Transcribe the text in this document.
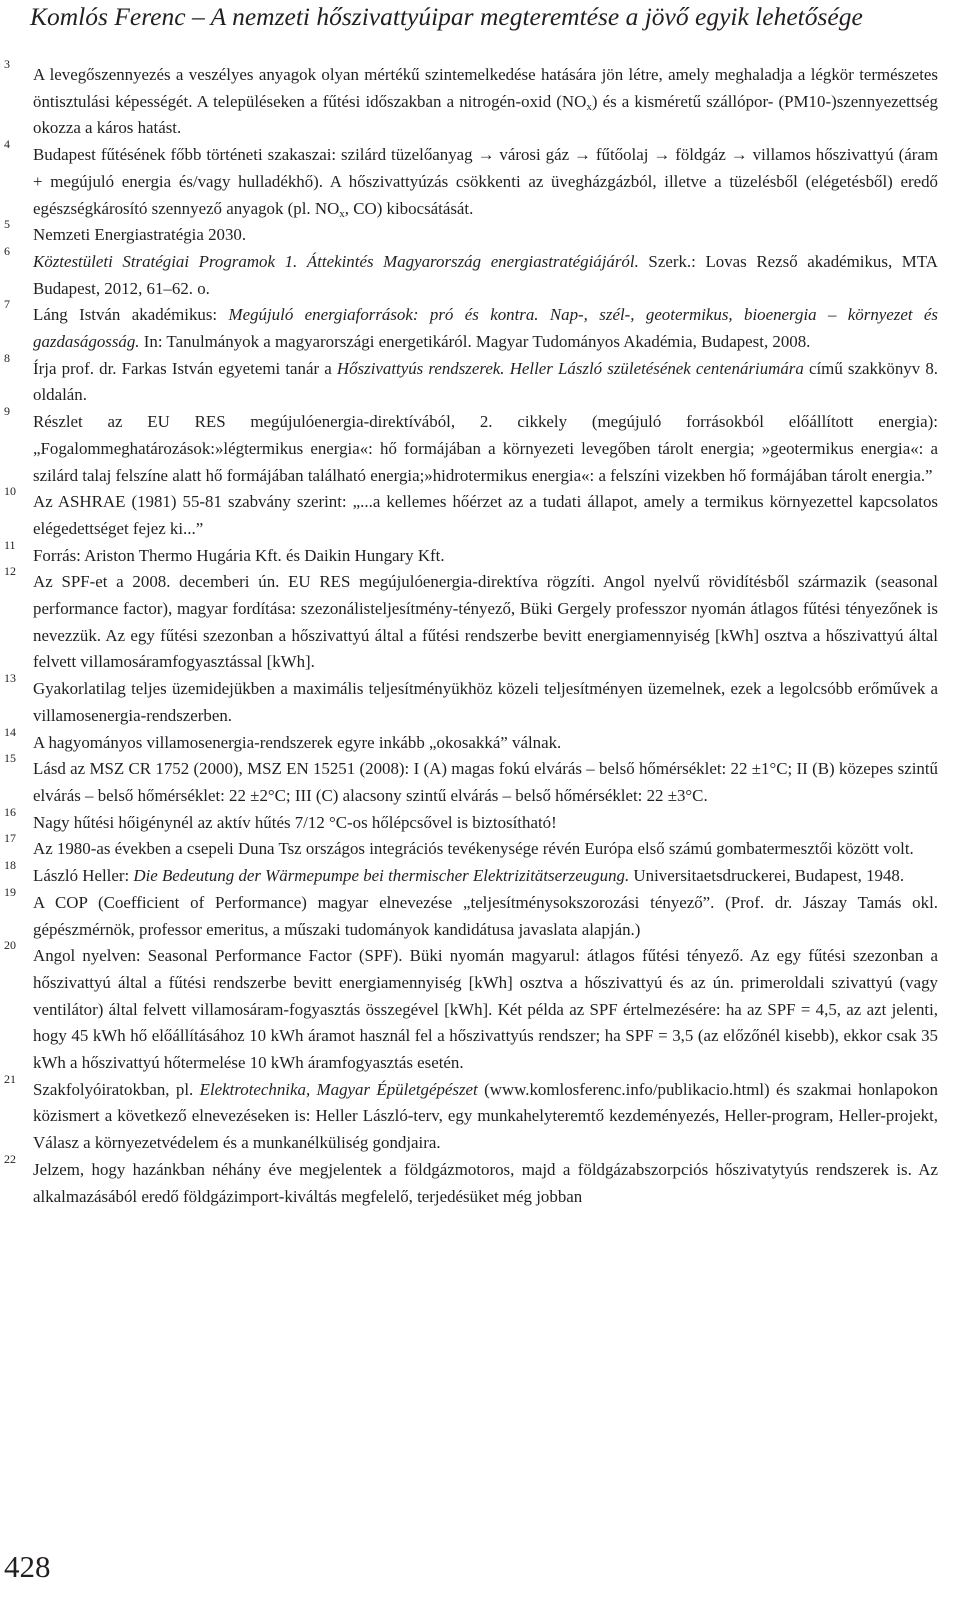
Komlós Ferenc – A nemzeti hőszivattyúipar megteremtése a jövő egyik lehetősége
3
A levegőszennyezés a veszélyes anyagok olyan mértékű szintemelkedése hatására jön létre, amely meghaladja a légkör természetes öntisztulási képességét. A településeken a fűtési időszakban a nitrogén-oxid $(NO_x)$ és a kisméretű szállópor- (PM10-)szennyezettség okozza a káros hatást.
4
Budapest fűtésének főbb történeti szakaszai: szilárd tüzelőanyag → városi gáz → fűtőolaj → földgáz → villamos hőszivattyú (áram + megújuló energia és/vagy hulladékhő). A hőszivattyúzás csökkenti az üvegházgázból, illetve a tüzelésből (elégetésből) eredő egészségkárosító szennyező anyagok (pl. $NO_x$, CO) kibocsátását.
5
Nemzeti Energiastratégia 2030.
6
Köztestületi Stratégiai Programok 1. Áttekintés Magyarország energiastratégiájáról. Szerk.: Lovas Rezső akadémikus, MTA Budapest, 2012, 61–62. o.
7
Láng István akadémikus: Megújuló energiaforrások: pró és kontra. Nap-, szél-, geotermikus, bioenergia – környezet és gazdaságosság. In: Tanulmányok a magyarországi energetikáról. Magyar Tudományos Akadémia, Budapest, 2008.
8
Írja prof. dr. Farkas István egyetemi tanár a Hőszivattyús rendszerek. Heller László születésének centenáriumára című szakkönyv 8. oldalán.
9
Részlet az EU RES megújulóenergia-direktívából, 2. cikkely (megújuló forrásokból előállított energia): „Fogalommeghatározások:»légtermikus energia«: hő formájában a környezeti levegőben tárolt energia; »geotermikus energia«: a szilárd talaj felszíne alatt hő formájában található energia;»hidrotermikus energia«: a felszíni vizekben hő formájában tárolt energia.”
10
Az ASHRAE (1981) 55-81 szabvány szerint: „...a kellemes hőérzet az a tudati állapot, amely a termikus környezettel kapcsolatos elégedettséget fejez ki...”
11
Forrás: Ariston Thermo Hugária Kft. és Daikin Hungary Kft.
12
Az SPF-et a 2008. decemberi ún. EU RES megújulóenergia-direktíva rögzíti. Angol nyelvű rövidítésből származik (seasonal performance factor), magyar fordítása: szezonálisteljesítmény-tényező, Büki Gergely professzor nyomán átlagos fűtési tényezőnek is nevezzük. Az egy fűtési szezonban a hőszivattyú által a fűtési rendszerbe bevitt energiamennyiség [kWh] osztva a hőszivattyú által felvett villamosáramfogyasztással [kWh].
13
Gyakorlatilag teljes üzemidejükben a maximális teljesítményükhöz közeli teljesítményen üzemelnek, ezek a legolcsóbb erőművek a villamosenergia-rendszerben.
14
A hagyományos villamosenergia-rendszerek egyre inkább „okosakká” válnak.
15
Lásd az MSZ CR 1752 (2000), MSZ EN 15251 (2008): I (A) magas fokú elvárás – belső hőmérséklet: 22 ±1°C; II (B) közepes szintű elvárás – belső hőmérséklet: 22 ±2°C; III (C) alacsony szintű elvárás – belső hőmérséklet: 22 ±3°C.
16
Nagy hűtési hőigénynél az aktív hűtés 7/12 °C-os hőlépcsővel is biztosítható!
17
Az 1980-as években a csepeli Duna Tsz országos integrációs tevékenysége révén Európa első számú gombatermesztői között volt.
18
László Heller: Die Bedeutung der Wärmepumpe bei thermischer Elektrizitätserzeugung. Universitaetsdruckerei, Budapest, 1948.
19
A COP (Coefficient of Performance) magyar elnevezése „teljesítménysokszorozási tényező”. (Prof. dr. Jászay Tamás okl. gépészmérnök, professor emeritus, a műszaki tudományok kandidátusa javaslata alapján.)
20
Angol nyelven: Seasonal Performance Factor (SPF). Büki nyomán magyarul: átlagos fűtési tényező. Az egy fűtési szezonban a hőszivattyú által a fűtési rendszerbe bevitt energiamennyiség [kWh] osztva a hőszivattyú és az ún. primeroldali szivattyú (vagy ventilátor) által felvett villamosáram-fogyasztás összegével [kWh]. Két példa az SPF értelmezésére: ha az SPF = 4,5, az azt jelenti, hogy 45 kWh hő előállításához 10 kWh áramot használ fel a hőszivattyús rendszer; ha SPF = 3,5 (az előzőnél kisebb), ekkor csak 35 kWh a hőszivattyú hőtermelése 10 kWh áramfogyasztás esetén.
21
Szakfolyóiratokban, pl. Elektrotechnika, Magyar Épületgépészet (www.komlosferenc.info/publikacio.html) és szakmai honlapokon közismert a következő elnevezéseken is: Heller László-terv, egy munkahelyteremtő kezdeményezés, Heller-program, Heller-projekt, Válasz a környezetvédelem és a munkanélküliség gondjaira.
22
Jelzem, hogy hazánkban néhány éve megjelentek a földgázmotoros, majd a földgázabszorpciós hőszivatytyús rendszerek is. Az alkalmazásából eredő földgázimport-kiváltás megfelelő, terjedésüket még jobban
428
